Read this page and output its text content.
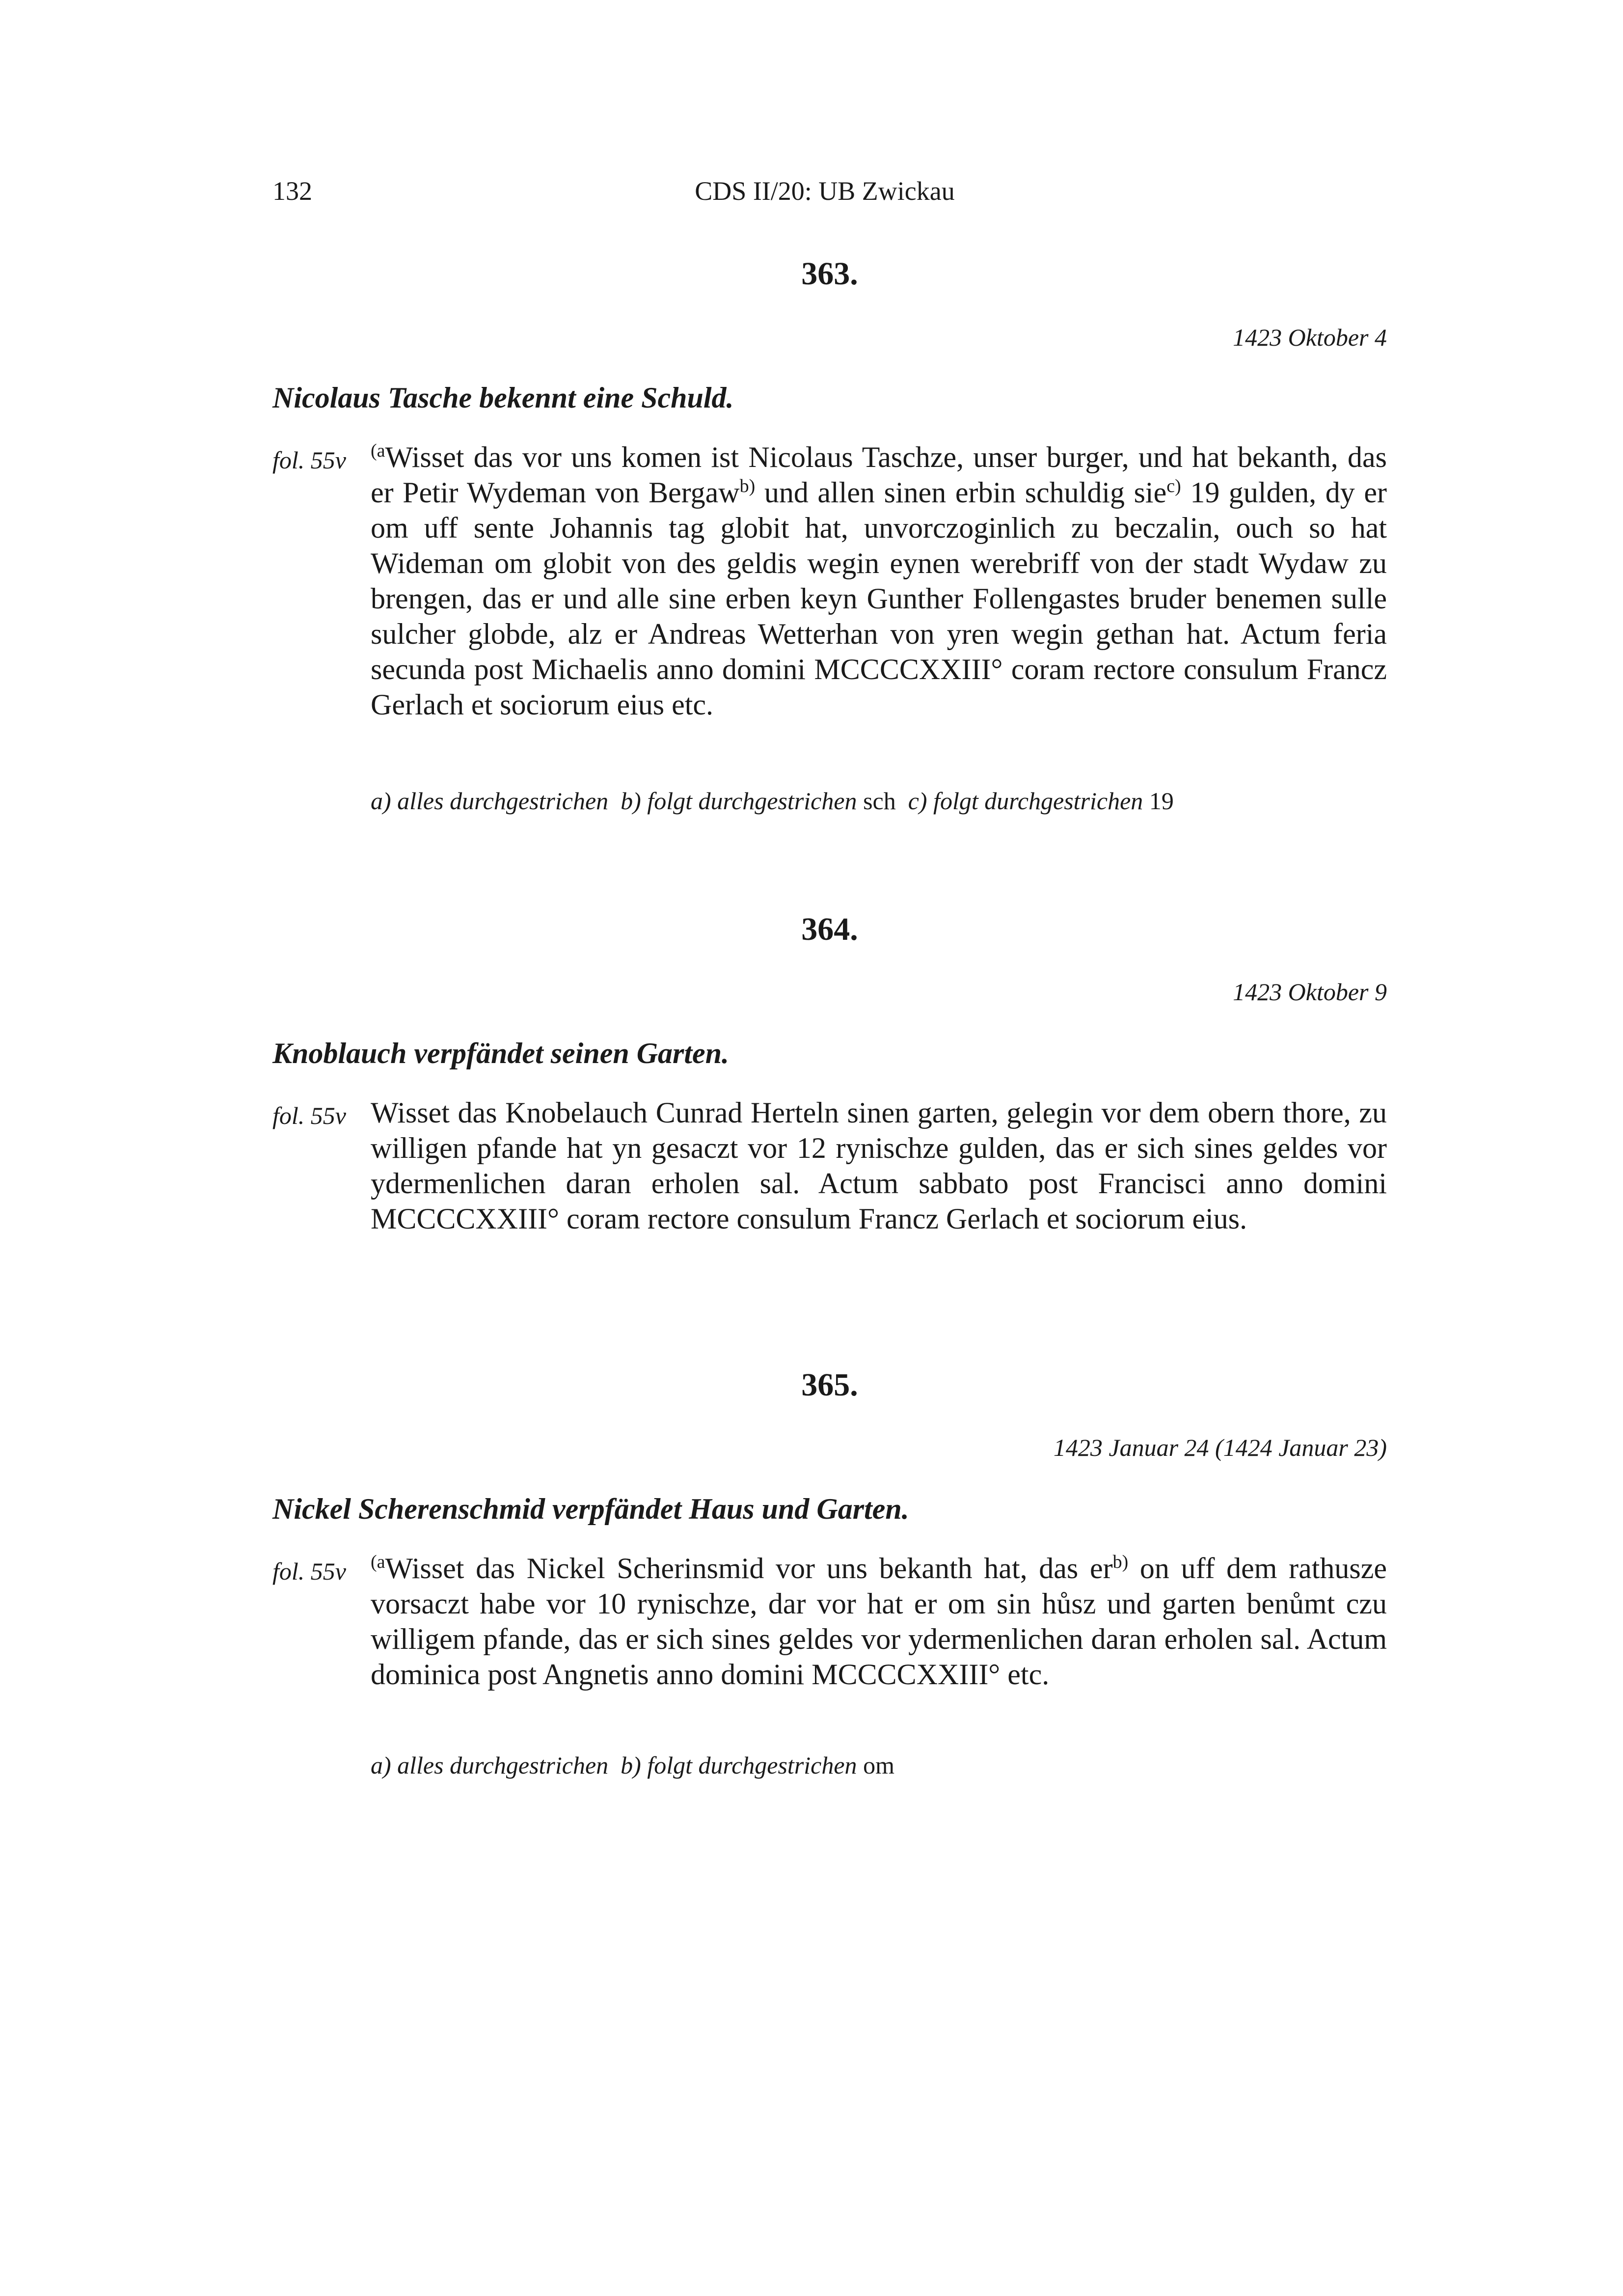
132	CDS II/20: UB Zwickau
363.
1423 Oktober 4
Nicolaus Tasche bekennt eine Schuld.
fol. 55v $^{(a}$Wisset das vor uns komen ist Nicolaus Taschze, unser burger, und hat bekanth, das er Petir Wydeman von Bergaw$^{b)}$ und allen sinen erbin schuldig sie$^{c)}$ 19 gulden, dy er om uff sente Johannis tag globit hat, unvorczoginlich zu beczalin, ouch so hat Wideman om globit von des geldis wegin eynen werebriff von der stadt Wydaw zu brengen, das er und alle sine erben keyn Gunther Follengastes bruder benemen sulle sulcher globde, alz er Andreas Wetterhan von yren wegin gethan hat. Actum feria secunda post Michaelis anno domini MCCCCXXIII° coram rectore consulum Francz Gerlach et sociorum eius etc.

a) alles durchgestrichen b) folgt durchgestrichen sch c) folgt durchgestrichen 19
364.
1423 Oktober 9
Knoblauch verpfändet seinen Garten.
fol. 55v Wisset das Knobelauch Cunrad Herteln sinen garten, gelegin vor dem obern thore, zu willigen pfande hat yn gesaczt vor 12 rynischze gulden, das er sich sines geldes vor ydermenlichen daran erholen sal. Actum sabbato post Francisci anno domini MCCCCXXIII° coram rectore consulum Francz Gerlach et sociorum eius.

365.
1423 Januar 24 (1424 Januar 23)
Nickel Scherenschmid verpfändet Haus und Garten.
fol. 55v $^{(a}$Wisset das Nickel Scherinsmid vor uns bekanth hat, das $er^{b)}$ on uff dem rathusze vorsaczt habe vor 10 rynischze, dar vor hat er om sin hůsz und garten benůmt czu willigem pfande, das er sich sines geldes vor ydermenlichen daran erholen sal. Actum dominica post Angnetis anno domini MCCCCXXIII° etc.

a) alles durchgestrichen b) folgt durchgestrichen om
